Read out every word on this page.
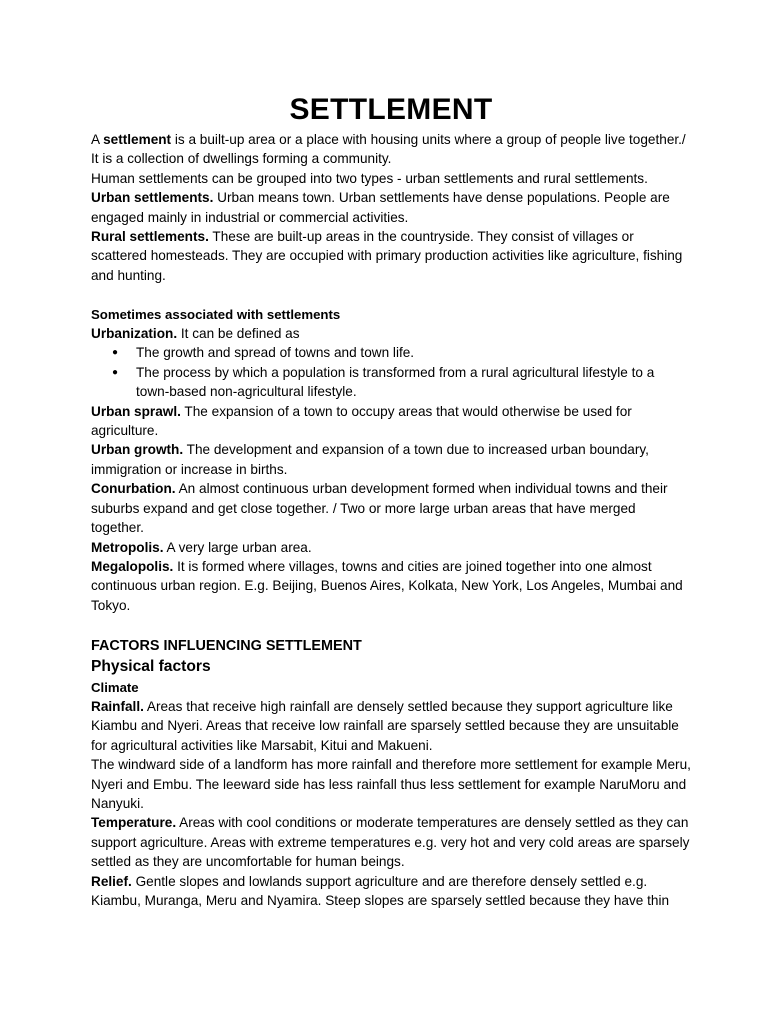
SETTLEMENT

A settlement is a built-up area or a place with housing units where a group of people live together./ It is a collection of dwellings forming a community.

Human settlements can be grouped into two types - urban settlements and rural settlements.

Urban settlements. Urban means town. Urban settlements have dense populations. People are engaged mainly in industrial or commercial activities.

Rural settlements. These are built-up areas in the countryside. They consist of villages or scattered homesteads. They are occupied with primary production activities like agriculture, fishing and hunting.

Sometimes associated with settlements

Urbanization. It can be defined as

● The growth and spread of towns and town life.
● The process by which a population is transformed from a rural agricultural lifestyle to a town-based non-agricultural lifestyle.

Urban sprawl. The expansion of a town to occupy areas that would otherwise be used for agriculture.

Urban growth. The development and expansion of a town due to increased urban boundary, immigration or increase in births.

Conurbation. An almost continuous urban development formed when individual towns and their suburbs expand and get close together. / Two or more large urban areas that have merged together.

Metropolis. A very large urban area.

Megalopolis. It is formed where villages, towns and cities are joined together into one almost continuous urban region. E.g. Beijing, Buenos Aires, Kolkata, New York, Los Angeles, Mumbai and Tokyo.

FACTORS INFLUENCING SETTLEMENT

Physical factors

Climate

Rainfall. Areas that receive high rainfall are densely settled because they support agriculture like Kiambu and Nyeri. Areas that receive low rainfall are sparsely settled because they are unsuitable for agricultural activities like Marsabit, Kitui and Makueni.

The windward side of a landform has more rainfall and therefore more settlement for example Meru, Nyeri and Embu. The leeward side has less rainfall thus less settlement for example NaruMoru and Nanyuki.

Temperature. Areas with cool conditions or moderate temperatures are densely settled as they can support agriculture. Areas with extreme temperatures e.g. very hot and very cold areas are sparsely settled as they are uncomfortable for human beings.

Relief. Gentle slopes and lowlands support agriculture and are therefore densely settled e.g. Kiambu, Muranga, Meru and Nyamira. Steep slopes are sparsely settled because they have thin
